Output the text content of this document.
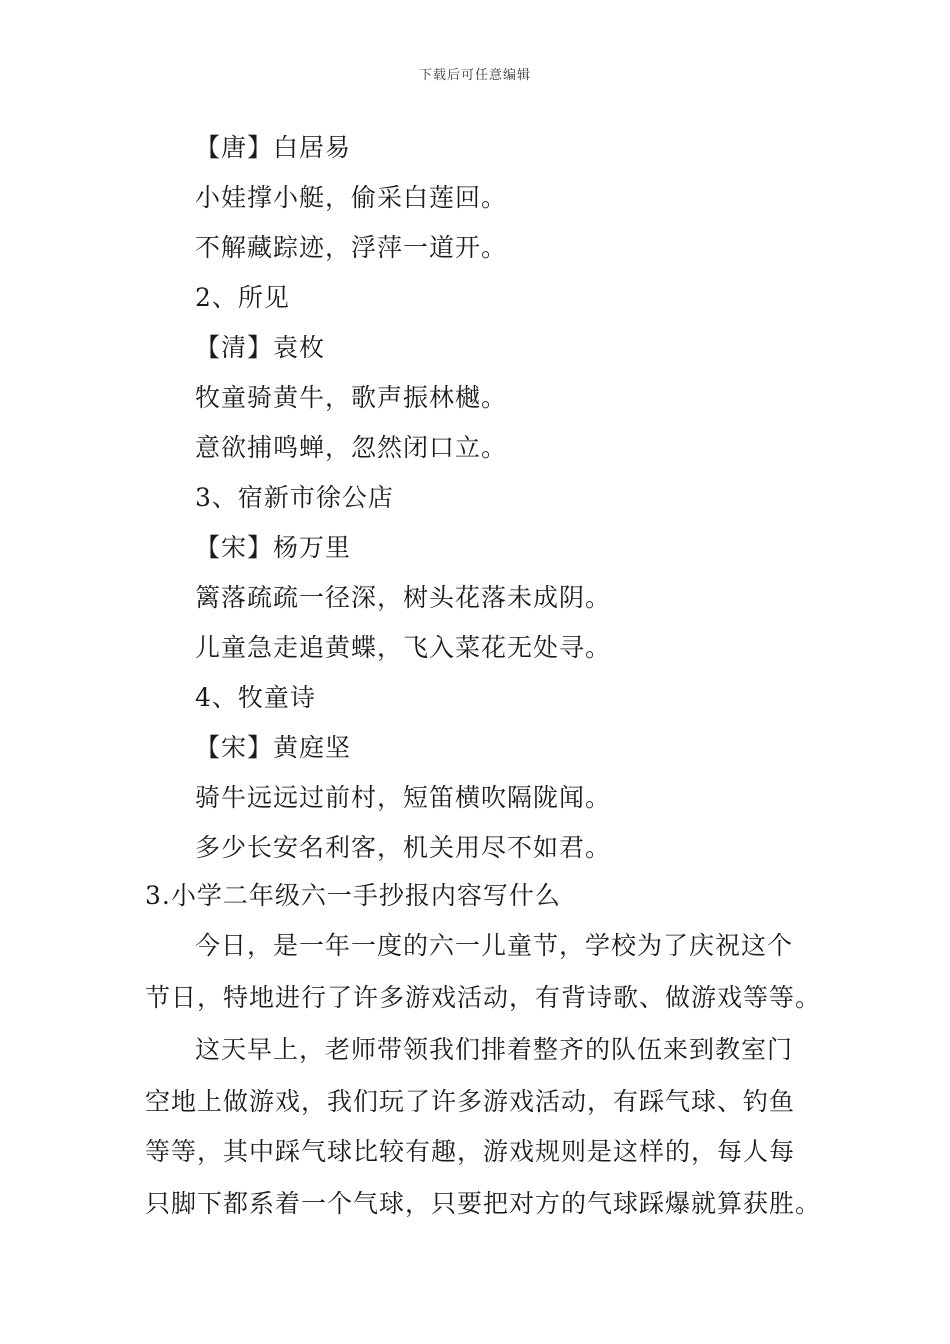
下载后可任意编辑
【唐】白居易
小娃撑小艇，偷采白莲回。
不解藏踪迹，浮萍一道开。
2、所见
【清】袁枚
牧童骑黄牛，歌声振林樾。
意欲捕鸣蝉，忽然闭口立。
3、宿新市徐公店
【宋】杨万里
篱落疏疏一径深，树头花落未成阴。
儿童急走追黄蝶，飞入菜花无处寻。
4、牧童诗
【宋】黄庭坚
骑牛远远过前村，短笛横吹隔陇闻。
多少长安名利客，机关用尽不如君。
3.小学二年级六一手抄报内容写什么
今日，是一年一度的六一儿童节，学校为了庆祝这个
节日，特地进行了许多游戏活动，有背诗歌、做游戏等等。
这天早上，老师带领我们排着整齐的队伍来到教室门
空地上做游戏，我们玩了许多游戏活动，有踩气球、钓鱼
等等，其中踩气球比较有趣，游戏规则是这样的，每人每
只脚下都系着一个气球，只要把对方的气球踩爆就算获胜。
